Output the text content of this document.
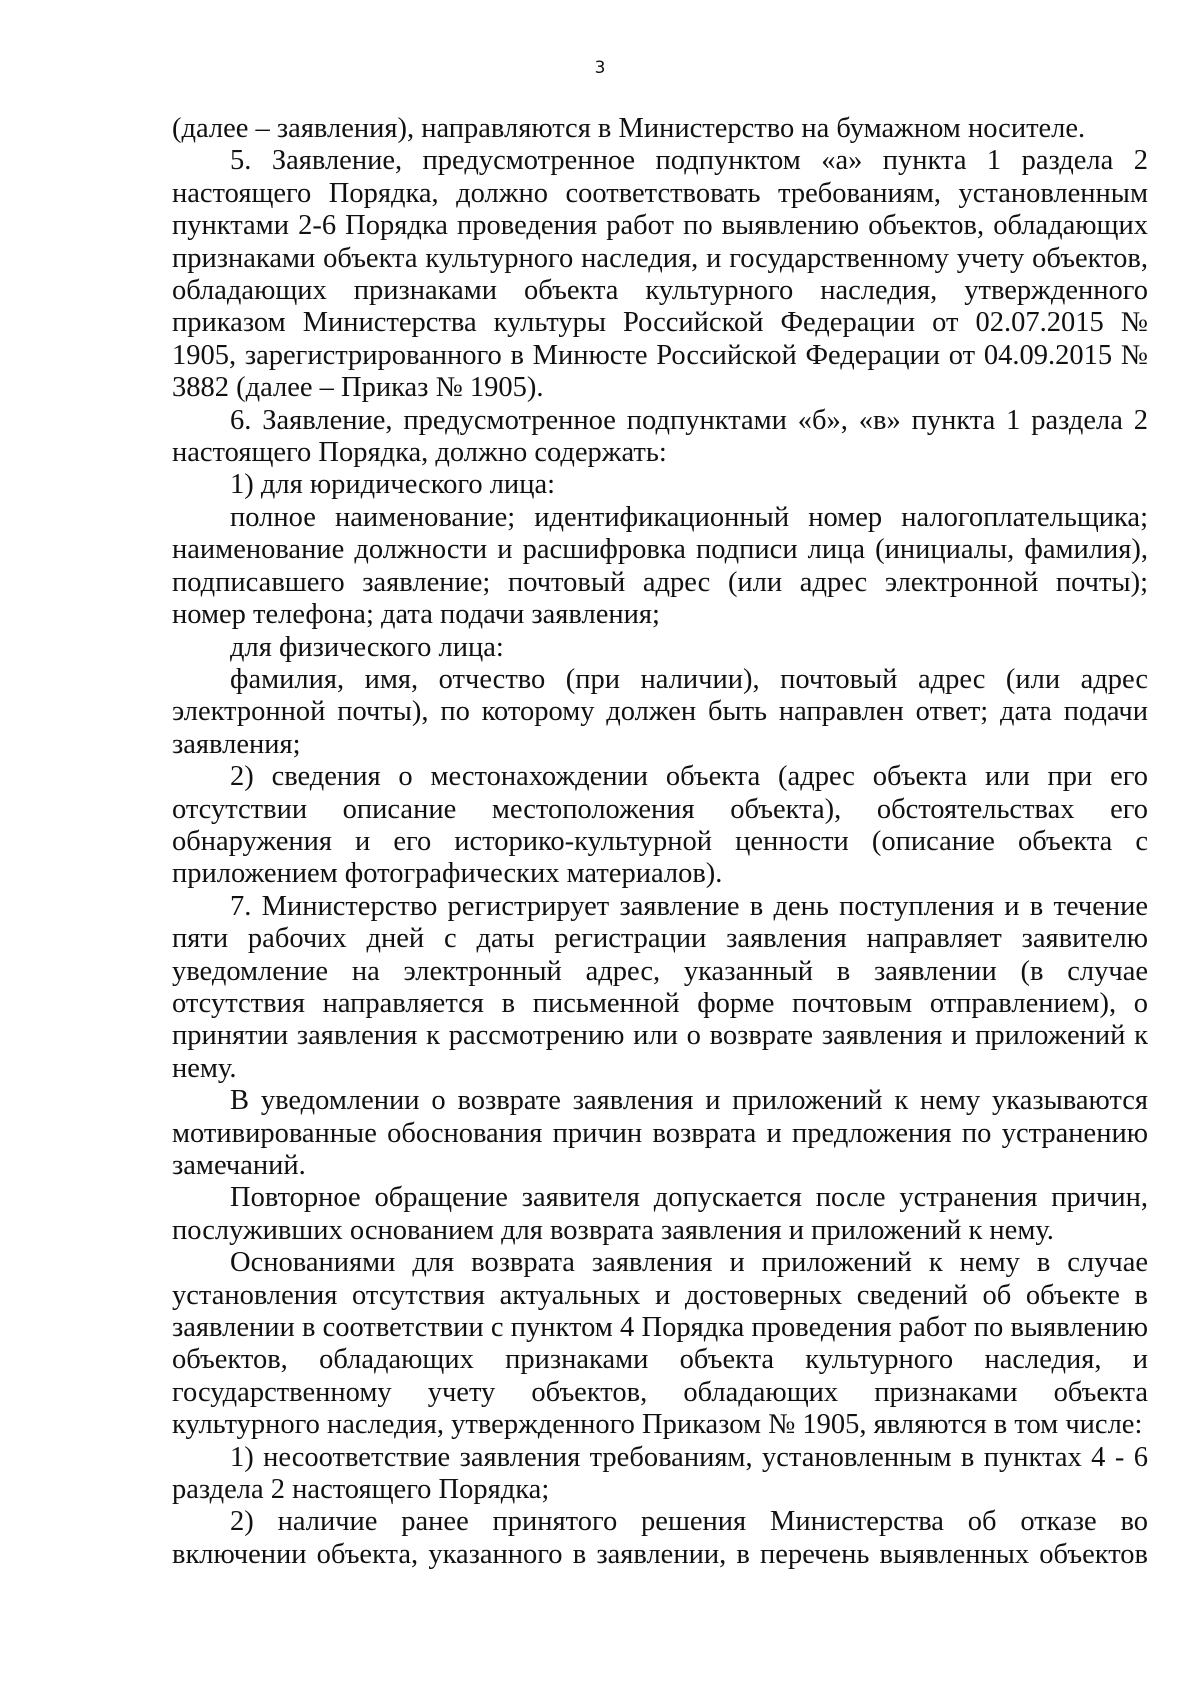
3

(далее – заявления), направляются в Министерство на бумажном носителе.

5. Заявление, предусмотренное подпунктом «а» пункта 1 раздела 2 настоящего Порядка, должно соответствовать требованиям, установленным пунктами 2-6 Порядка проведения работ по выявлению объектов, обладающих признаками объекта культурного наследия, и государственному учету объектов, обладающих признаками объекта культурного наследия, утвержденного приказом Министерства культуры Российской Федерации от 02.07.2015 № 1905, зарегистрированного в Минюсте Российской Федерации от 04.09.2015 № 3882 (далее – Приказ № 1905).

6. Заявление, предусмотренное подпунктами «б», «в» пункта 1 раздела 2 настоящего Порядка, должно содержать:

1) для юридического лица:

полное наименование; идентификационный номер налогоплательщика; наименование должности и расшифровка подписи лица (инициалы, фамилия), подписавшего заявление; почтовый адрес (или адрес электронной почты); номер телефона; дата подачи заявления;

для физического лица:

фамилия, имя, отчество (при наличии), почтовый адрес (или адрес электронной почты), по которому должен быть направлен ответ; дата подачи заявления;

2) сведения о местонахождении объекта (адрес объекта или при его отсутствии описание местоположения объекта), обстоятельствах его обнаружения и его историко-культурной ценности (описание объекта с приложением фотографических материалов).

7. Министерство регистрирует заявление в день поступления и в течение пяти рабочих дней с даты регистрации заявления направляет заявителю уведомление на электронный адрес, указанный в заявлении (в случае отсутствия направляется в письменной форме почтовым отправлением), о принятии заявления к рассмотрению или о возврате заявления и приложений к нему.

В уведомлении о возврате заявления и приложений к нему указываются мотивированные обоснования причин возврата и предложения по устранению замечаний.

Повторное обращение заявителя допускается после устранения причин, послуживших основанием для возврата заявления и приложений к нему.

Основаниями для возврата заявления и приложений к нему в случае установления отсутствия актуальных и достоверных сведений об объекте в заявлении в соответствии с пунктом 4 Порядка проведения работ по выявлению объектов, обладающих признаками объекта культурного наследия, и государственному учету объектов, обладающих признаками объекта культурного наследия, утвержденного Приказом № 1905, являются в том числе:

1) несоответствие заявления требованиям, установленным в пунктах 4 - 6 раздела 2 настоящего Порядка;

2) наличие ранее принятого решения Министерства об отказе во включении объекта, указанного в заявлении, в перечень выявленных объектов
